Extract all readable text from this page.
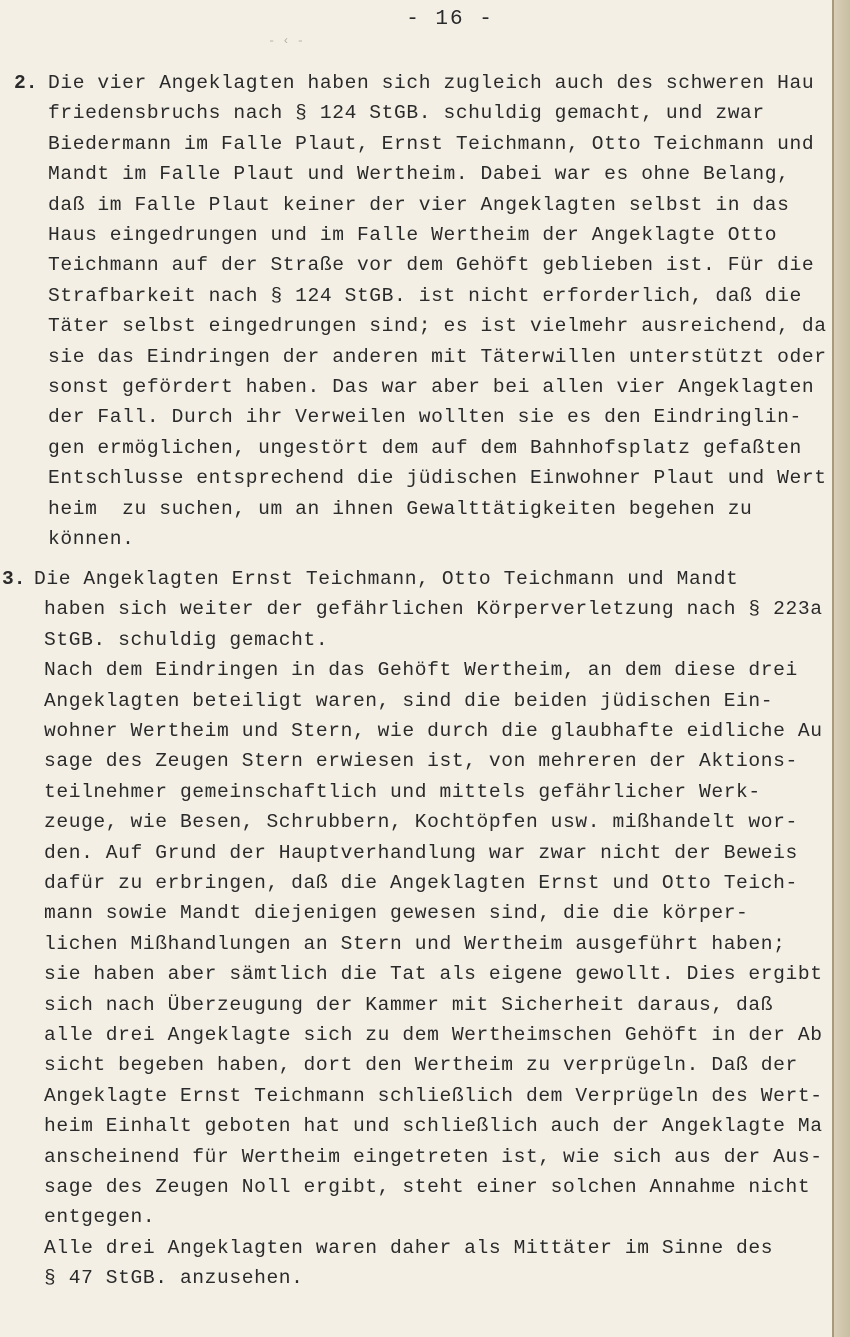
- 16 -
- ‹ -
2. Die vier Angeklagten haben sich zugleich auch des schweren Hau
friedensbruchs nach § 124 StGB. schuldig gemacht, und zwar
Biedermann im Falle Plaut, Ernst Teichmann, Otto Teichmann und
Mandt im Falle Plaut und Wertheim. Dabei war es ohne Belang,
daß im Falle Plaut keiner der vier Angeklagten selbst in das
Haus eingedrungen und im Falle Wertheim der Angeklagte Otto
Teichmann auf der Straße vor dem Gehöft geblieben ist. Für die
Strafbarkeit nach § 124 StGB. ist nicht erforderlich, daß die
Täter selbst eingedrungen sind; es ist vielmehr ausreichend, da
sie das Eindringen der anderen mit Täterwillen unterstützt oder
sonst gefördert haben. Das war aber bei allen vier Angeklagten
der Fall. Durch ihr Verweilen wollten sie es den Eindringlin-
gen ermöglichen, ungestört dem auf dem Bahnhofsplatz gefaßten
Entschlusse entsprechend die jüdischen Einwohner Plaut und Wert
heim  zu suchen, um an ihnen Gewalttätigkeiten begehen zu
können.
3. Die Angeklagten Ernst Teichmann, Otto Teichmann und Mandt
haben sich weiter der gefährlichen Körperverletzung nach § 223a
StGB. schuldig gemacht.
Nach dem Eindringen in das Gehöft Wertheim, an dem diese drei
Angeklagten beteiligt waren, sind die beiden jüdischen Ein-
wohner Wertheim und Stern, wie durch die glaubhafte eidliche Au
sage des Zeugen Stern erwiesen ist, von mehreren der Aktions-
teilnehmer gemeinschaftlich und mittels gefährlicher Werk-
zeuge, wie Besen, Schrubbern, Kochtöpfen usw. mißhandelt wor-
den. Auf Grund der Hauptverhandlung war zwar nicht der Beweis
dafür zu erbringen, daß die Angeklagten Ernst und Otto Teich-
mann sowie Mandt diejenigen gewesen sind, die die körper-
lichen Mißhandlungen an Stern und Wertheim ausgeführt haben;
sie haben aber sämtlich die Tat als eigene gewollt. Dies ergibt
sich nach Überzeugung der Kammer mit Sicherheit daraus, daß
alle drei Angeklagte sich zu dem Wertheimschen Gehöft in der Ab
sicht begeben haben, dort den Wertheim zu verprügeln. Daß der
Angeklagte Ernst Teichmann schließlich dem Verprügeln des Wert-
heim Einhalt geboten hat und schließlich auch der Angeklagte Ma
anscheinend für Wertheim eingetreten ist, wie sich aus der Aus-
sage des Zeugen Noll ergibt, steht einer solchen Annahme nicht
entgegen.
Alle drei Angeklagten waren daher als Mittäter im Sinne des
§ 47 StGB. anzusehen.
